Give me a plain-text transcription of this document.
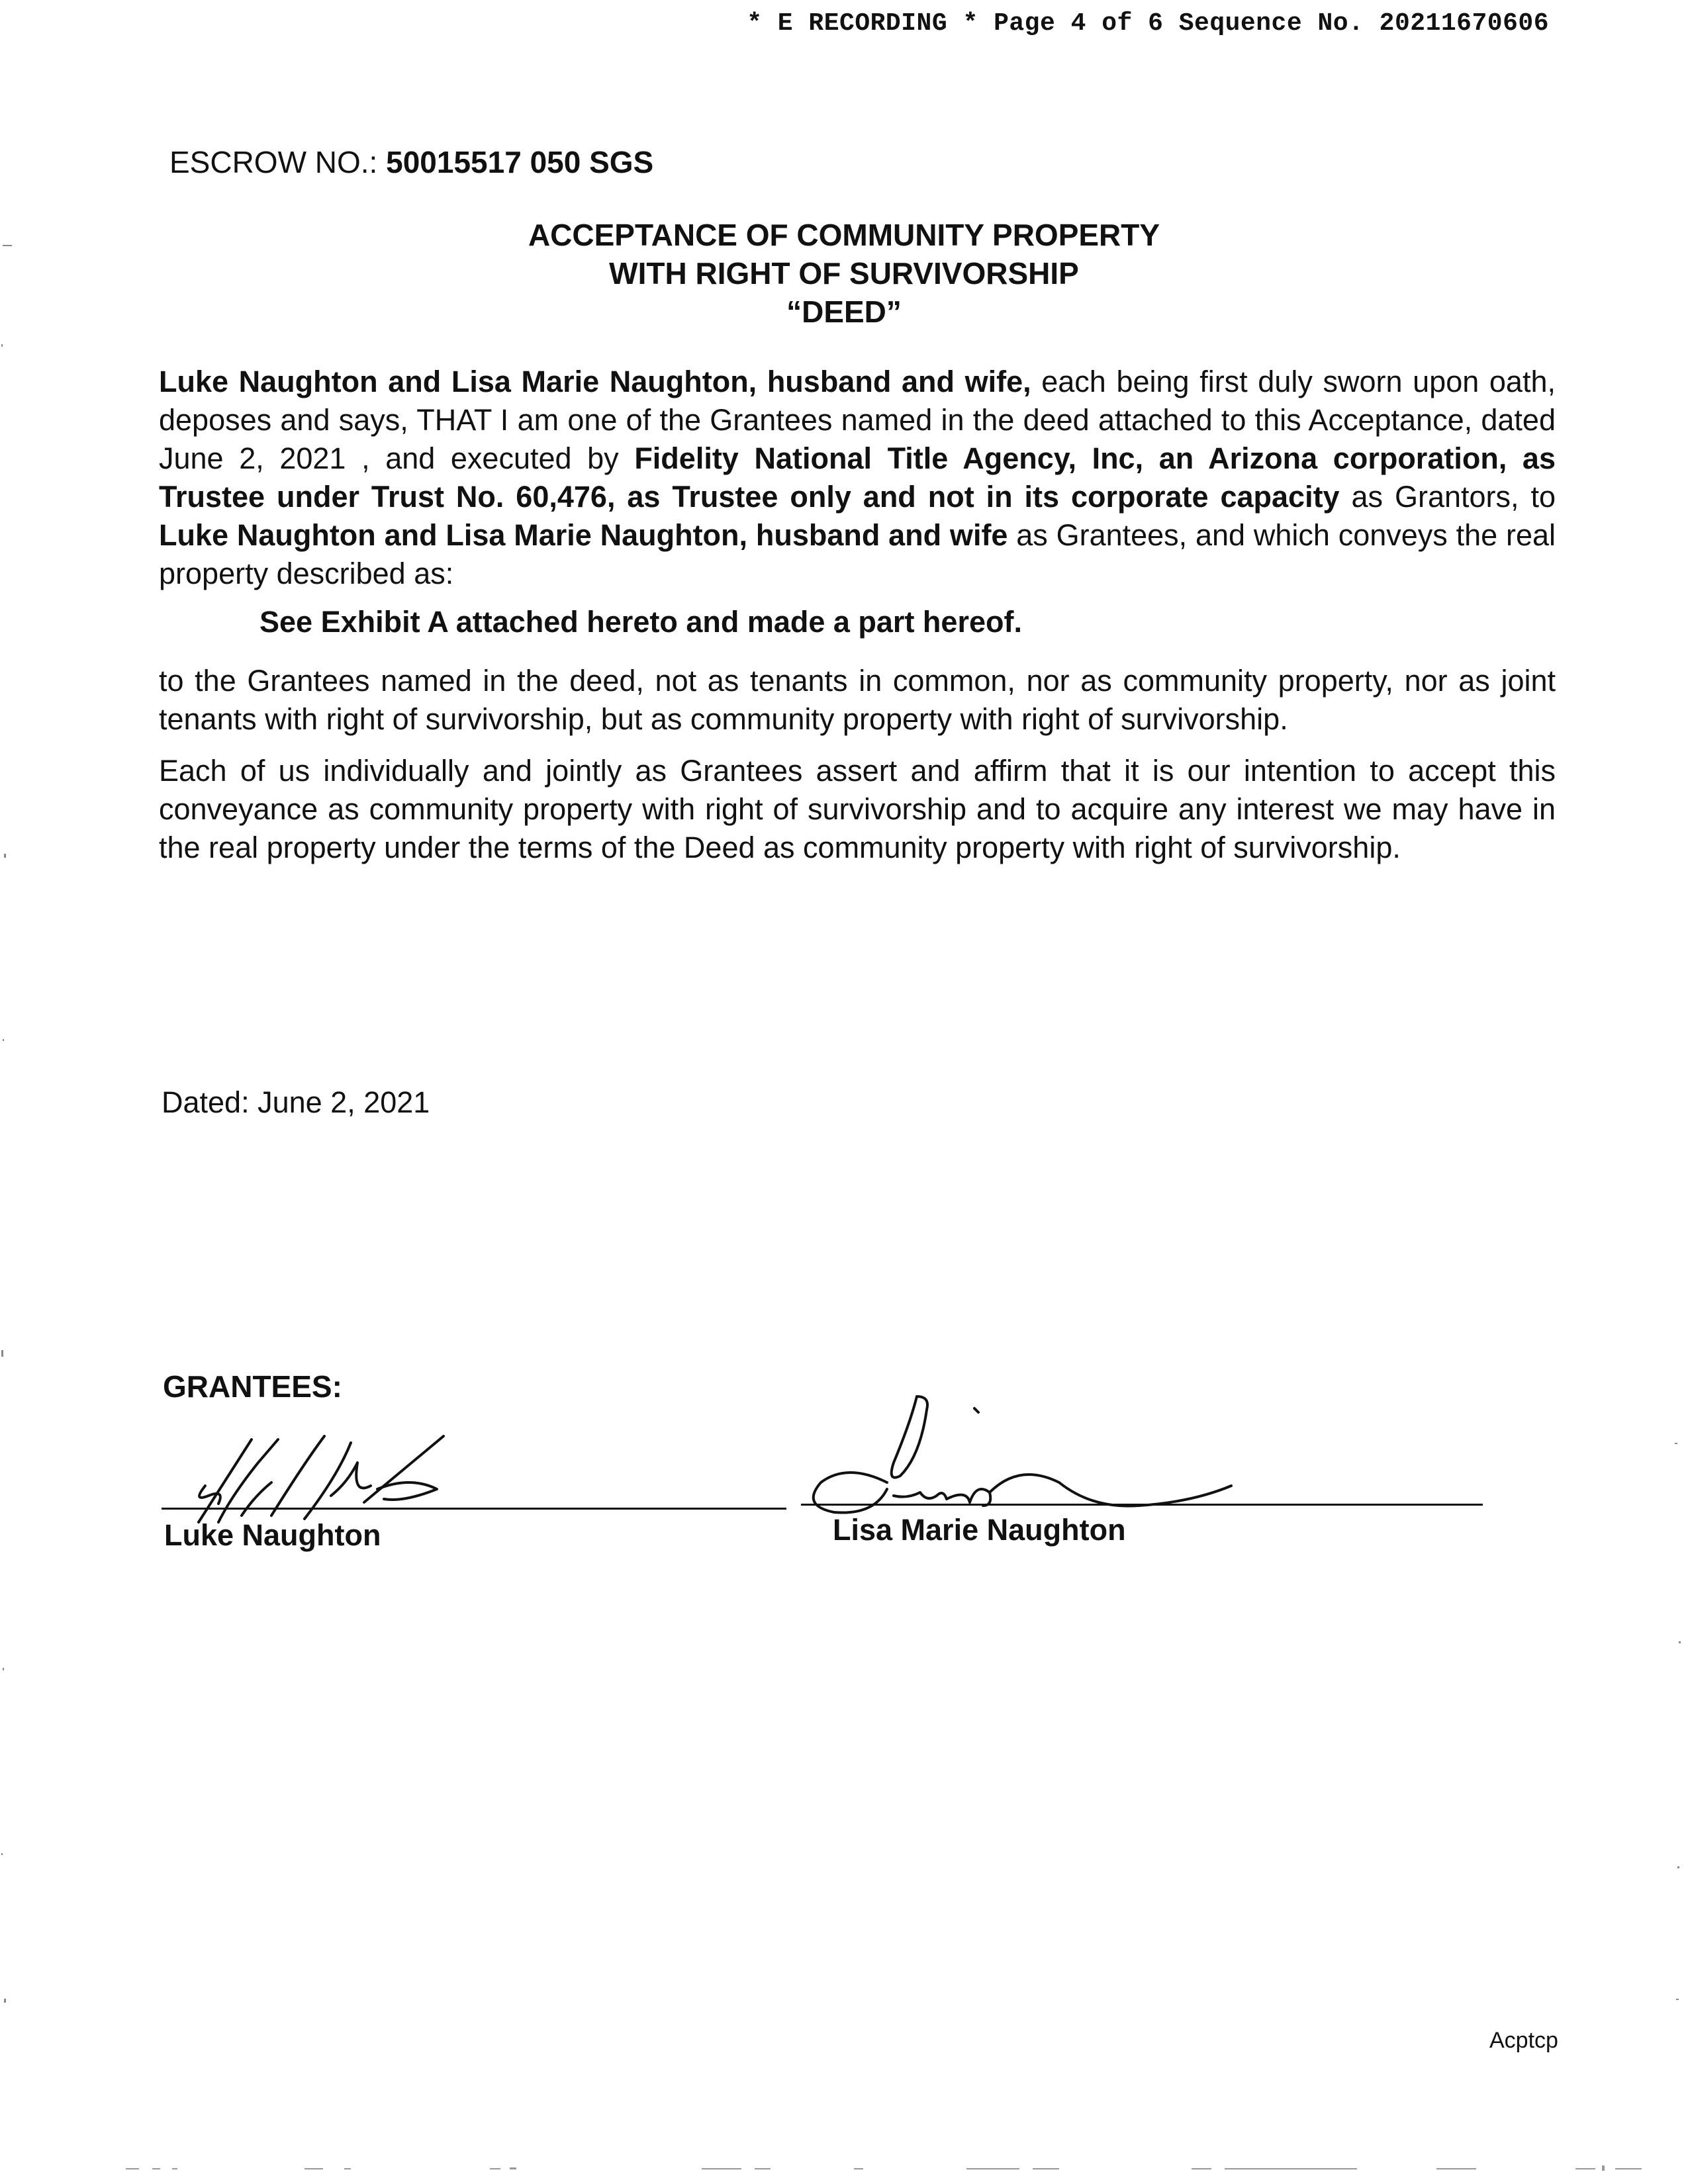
* E RECORDING * Page 4 of 6 Sequence No. 20211670606
ESCROW NO.: 50015517 050 SGS
ACCEPTANCE OF COMMUNITY PROPERTY
WITH RIGHT OF SURVIVORSHIP
“DEED”
Luke Naughton and Lisa Marie Naughton, husband and wife, each being first duly sworn upon oath, deposes and says, THAT I am one of the Grantees named in the deed attached to this Acceptance, dated June 2, 2021 , and executed by Fidelity National Title Agency, Inc, an Arizona corporation, as Trustee under Trust No. 60,476, as Trustee only and not in its corporate capacity as Grantors, to Luke Naughton and Lisa Marie Naughton, husband and wife as Grantees, and which conveys the real property described as:
See Exhibit A attached hereto and made a part hereof.
to the Grantees named in the deed, not as tenants in common, nor as community property, nor as joint tenants with right of survivorship, but as community property with right of survivorship.
Each of us individually and jointly as Grantees assert and affirm that it is our intention to accept this conveyance as community property with right of survivorship and to acquire any interest we may have in the real property under the terms of the Deed as community property with right of survivorship.
Dated: June 2, 2021
GRANTEES:
Luke Naughton	Lisa Marie Naughton
Acptcp
